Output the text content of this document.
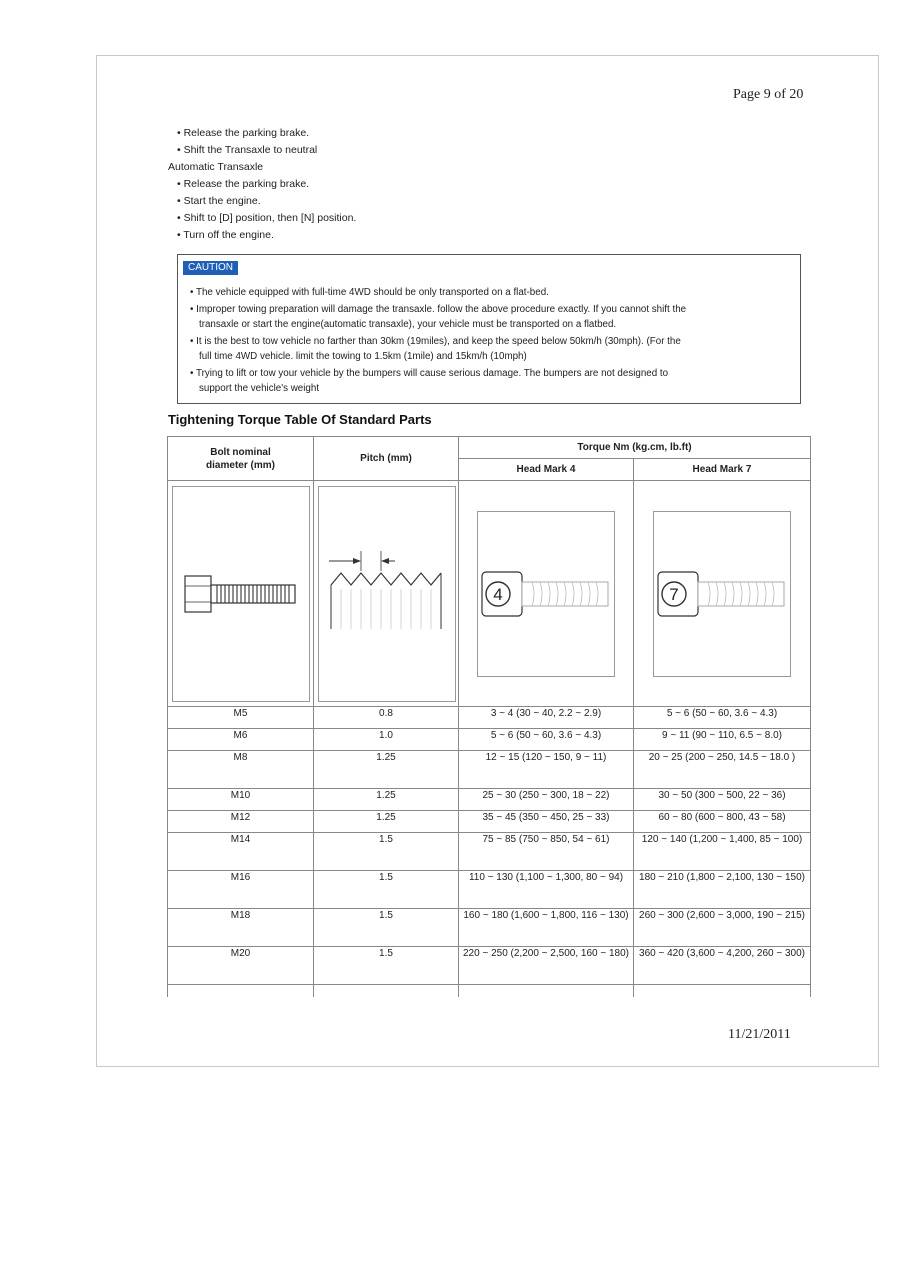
Page 9 of 20
• Release the parking brake.
• Shift the Transaxle to neutral
Automatic Transaxle
• Release the parking brake.
• Start the engine.
• Shift to [D] position, then [N] position.
• Turn off the engine.
CAUTION
• The vehicle equipped with full-time 4WD should be only transported on a flat-bed.
• Improper towing preparation will damage the transaxle. follow the above procedure exactly. If you cannot shift the
transaxle or start the engine(automatic transaxle), your vehicle must be transported on a flatbed.
• It is the best to tow vehicle no farther than 30km (19miles), and keep the speed below 50km/h (30mph). (For the
full time 4WD vehicle. limit the towing to 1.5km (1mile) and 15km/h (10mph)
• Trying to lift or tow your vehicle by the bumpers will cause serious damage. The bumpers are not designed to
support the vehicle's weight
Tightening Torque Table Of Standard Parts
Bolt nominal
diameter (mm)	Pitch (mm)	Torque Nm (kg.cm, lb.ft)	
		Head Mark 4	Head Mark 7

4	7

M5	0.8	3 ~ 4 (30 ~ 40, 2.2 ~ 2.9)	5 ~ 6 (50 ~ 60, 3.6 ~ 4.3)
M6	1.0	5 ~ 6 (50 ~ 60, 3.6 ~ 4.3)	9 ~ 11 (90 ~ 110, 6.5 ~ 8.0)
M8	1.25	12 ~ 15 (120 ~ 150, 9 ~ 11)	20 ~ 25 (200 ~ 250, 14.5 ~ 18.0 )
M10	1.25	25 ~ 30 (250 ~ 300, 18 ~ 22)	30 ~ 50 (300 ~ 500, 22 ~ 36)
M12	1.25	35 ~ 45 (350 ~ 450, 25 ~ 33)	60 ~ 80 (600 ~ 800, 43 ~ 58)
M14	1.5	75 ~ 85 (750 ~ 850, 54 ~ 61)	120 ~ 140 (1,200 ~ 1,400, 85 ~ 100)
M16	1.5	110 ~ 130 (1,100 ~ 1,300, 80 ~ 94)	180 ~ 210 (1,800 ~ 2,100, 130 ~ 150)
M18	1.5	160 ~ 180 (1,600 ~ 1,800, 116 ~ 130)	260 ~ 300 (2,600 ~ 3,000, 190 ~ 215)
M20	1.5	220 ~ 250 (2,200 ~ 2,500, 160 ~ 180)	360 ~ 420 (3,600 ~ 4,200, 260 ~ 300)

11/21/2011
